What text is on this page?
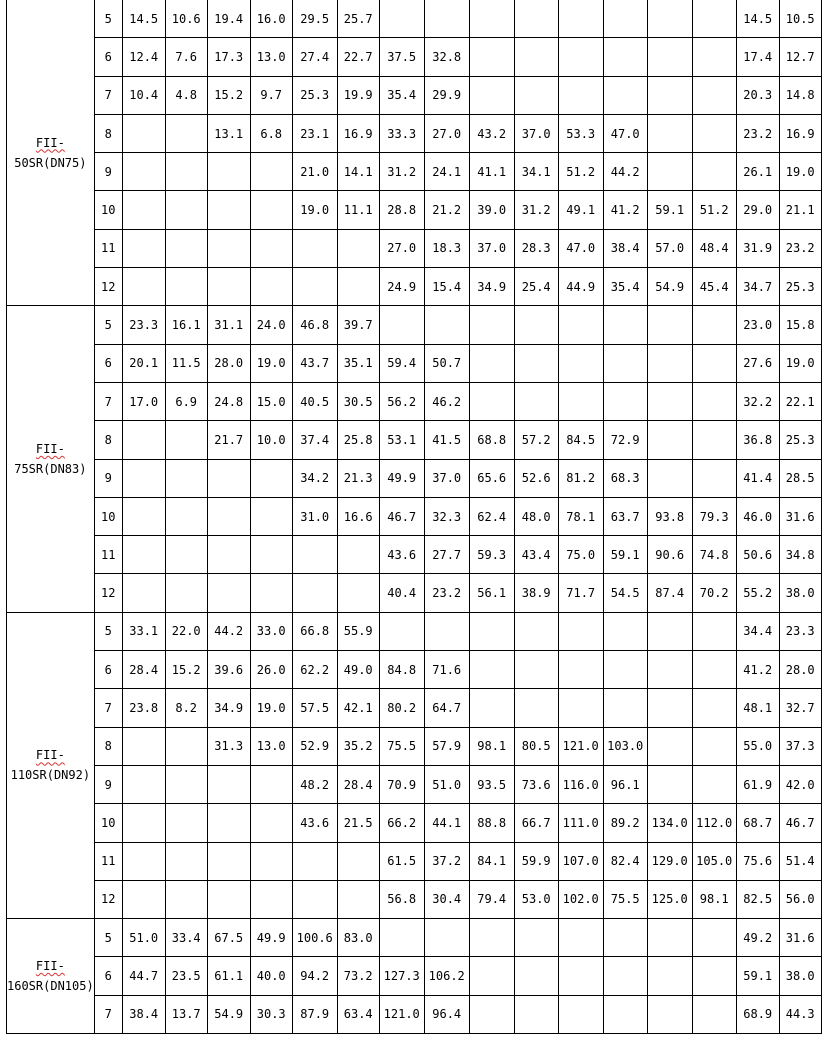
FII-
50SR(DN75)	5	14.5	10.6	19.4	16.0	29.5	25.7									14.5	10.5
	6	12.4	7.6	17.3	13.0	27.4	22.7	37.5	32.8							17.4	12.7
	7	10.4	4.8	15.2	9.7	25.3	19.9	35.4	29.9							20.3	14.8
	8			13.1	6.8	23.1	16.9	33.3	27.0	43.2	37.0	53.3	47.0			23.2	16.9
	9					21.0	14.1	31.2	24.1	41.1	34.1	51.2	44.2			26.1	19.0
	10					19.0	11.1	28.8	21.2	39.0	31.2	49.1	41.2	59.1	51.2	29.0	21.1
	11							27.0	18.3	37.0	28.3	47.0	38.4	57.0	48.4	31.9	23.2
	12							24.9	15.4	34.9	25.4	44.9	35.4	54.9	45.4	34.7	25.3
FII-
75SR(DN83)	5	23.3	16.1	31.1	24.0	46.8	39.7									23.0	15.8
	6	20.1	11.5	28.0	19.0	43.7	35.1	59.4	50.7							27.6	19.0
	7	17.0	6.9	24.8	15.0	40.5	30.5	56.2	46.2							32.2	22.1
	8			21.7	10.0	37.4	25.8	53.1	41.5	68.8	57.2	84.5	72.9			36.8	25.3
	9					34.2	21.3	49.9	37.0	65.6	52.6	81.2	68.3			41.4	28.5
	10					31.0	16.6	46.7	32.3	62.4	48.0	78.1	63.7	93.8	79.3	46.0	31.6
	11							43.6	27.7	59.3	43.4	75.0	59.1	90.6	74.8	50.6	34.8
	12							40.4	23.2	56.1	38.9	71.7	54.5	87.4	70.2	55.2	38.0
FII-
110SR(DN92)	5	33.1	22.0	44.2	33.0	66.8	55.9									34.4	23.3
	6	28.4	15.2	39.6	26.0	62.2	49.0	84.8	71.6							41.2	28.0
	7	23.8	8.2	34.9	19.0	57.5	42.1	80.2	64.7							48.1	32.7
	8			31.3	13.0	52.9	35.2	75.5	57.9	98.1	80.5	121.0	103.0			55.0	37.3
	9					48.2	28.4	70.9	51.0	93.5	73.6	116.0	96.1			61.9	42.0
	10					43.6	21.5	66.2	44.1	88.8	66.7	111.0	89.2	134.0	112.0	68.7	46.7
	11							61.5	37.2	84.1	59.9	107.0	82.4	129.0	105.0	75.6	51.4
	12							56.8	30.4	79.4	53.0	102.0	75.5	125.0	98.1	82.5	56.0
FII-
160SR(DN105)	5	51.0	33.4	67.5	49.9	100.6	83.0									49.2	31.6
	6	44.7	23.5	61.1	40.0	94.2	73.2	127.3	106.2							59.1	38.0
	7	38.4	13.7	54.9	30.3	87.9	63.4	121.0	96.4							68.9	44.3
